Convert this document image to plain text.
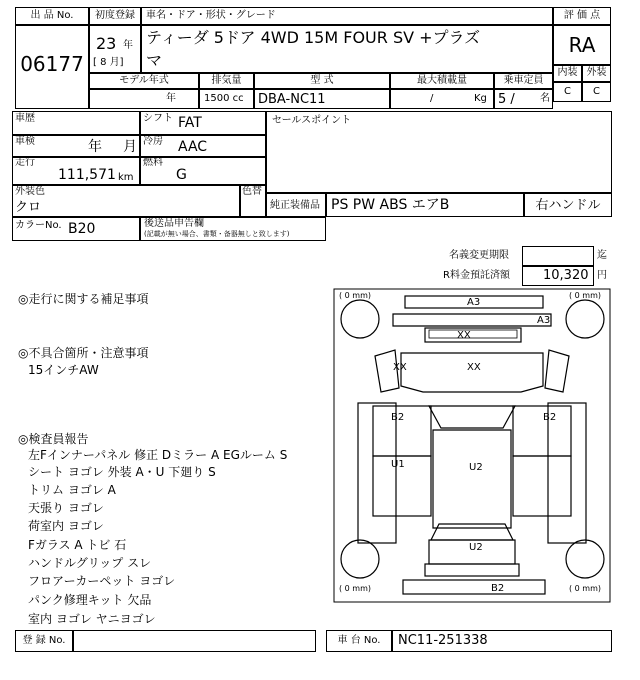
出 品 No.
06177
初度登録
23 年
[ 8 月]
車名・ドア・形状・グレード
ティーダ 5ドア 4WD 15M FOUR SV +プラズ
マ
評 価 点
RA
内装 外装
C	C
モデル年式
年
排気量
1500 cc
型 式
DBA-NC11
最大積載量
/	Kg
乗車定員
5 /	名
車歴	シフト FAT
車検	年 月 冷房 AAC
走行
111,571 km
燃料
G
セールスポイント
外装色
クロ
色替
純正装備品 PS PW ABS エアB	右ハンドル
カラーNo. B20	後送品申告欄
(記載が無い場合、書類・备器無しと致します)
名義変更期限	迄
R料金預託済額	10,320 円
◎走行に関する補足事項
◎不具合箇所・注意事項
15インチAW
◎検査員報告
左Fインナーパネル 修正 Dミラー A EGルーム S
シート ヨゴレ 外装 A・U 下廻り S
トリム ヨゴレ A
天張り ヨゴレ
荷室内 ヨゴレ
Fガラス A トビ 石
ハンドルグリップ スレ
フロアーカーペット ヨゴレ
パンク修理キット 欠品
室内 ヨゴレ ヤニヨゴレ
( 0 mm)	( 0 mm)
( 0 mm)	( 0 mm)
A3
A3
XX
XX	XX
B2	B2
U1	U2
U2
B2
登 録 No.	車 台 No.	NC11-251338
